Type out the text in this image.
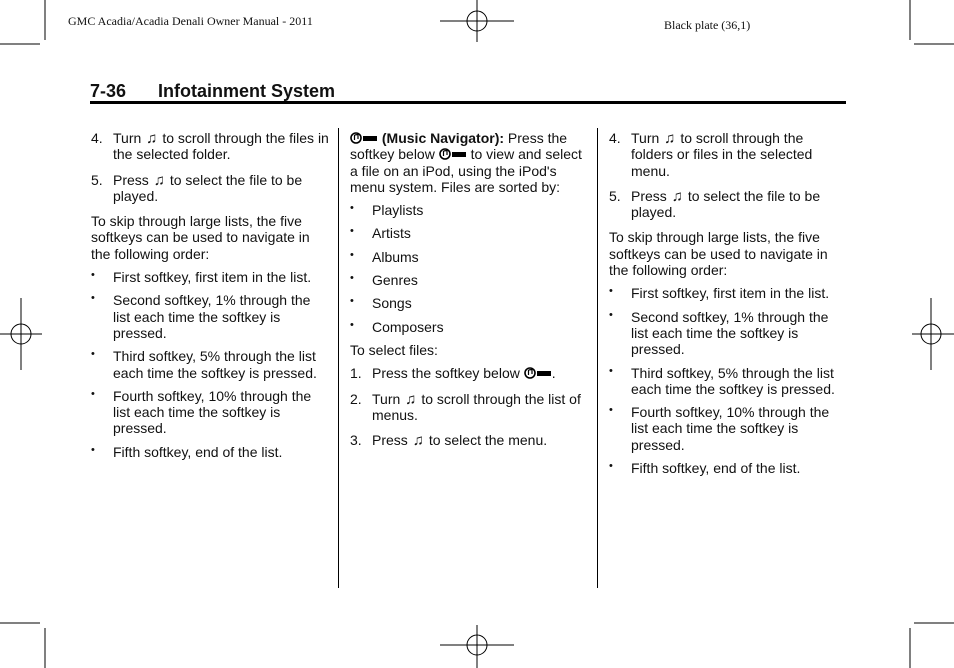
GMC Acadia/Acadia Denali Owner Manual - 2011	Black plate (36,1)
7-36 Infotainment System
4. Turn ♫ to scroll through the files in the selected folder.
5. Press ♫ to select the file to be played.
To skip through large lists, the five softkeys can be used to navigate in the following order:
• First softkey, first item in the list.
• Second softkey, 1% through the list each time the softkey is pressed.
• Third softkey, 5% through the list each time the softkey is pressed.
• Fourth softkey, 10% through the list each time the softkey is pressed.
• Fifth softkey, end of the list.
(Music Navigator): Press the softkey below	to view and select a file on an iPod, using the iPod's menu system. Files are sorted by:
• Playlists
• Artists
• Albums
• Genres
• Songs
• Composers
To select files:
1. Press the softkey below .
2. Turn ♫ to scroll through the list of menus.
3. Press ♫ to select the menu.
4. Turn ♫ to scroll through the folders or files in the selected menu.
5. Press ♫ to select the file to be played.
To skip through large lists, the five softkeys can be used to navigate in the following order:
• First softkey, first item in the list.
• Second softkey, 1% through the list each time the softkey is pressed.
• Third softkey, 5% through the list each time the softkey is pressed.
• Fourth softkey, 10% through the list each time the softkey is pressed.
• Fifth softkey, end of the list.
